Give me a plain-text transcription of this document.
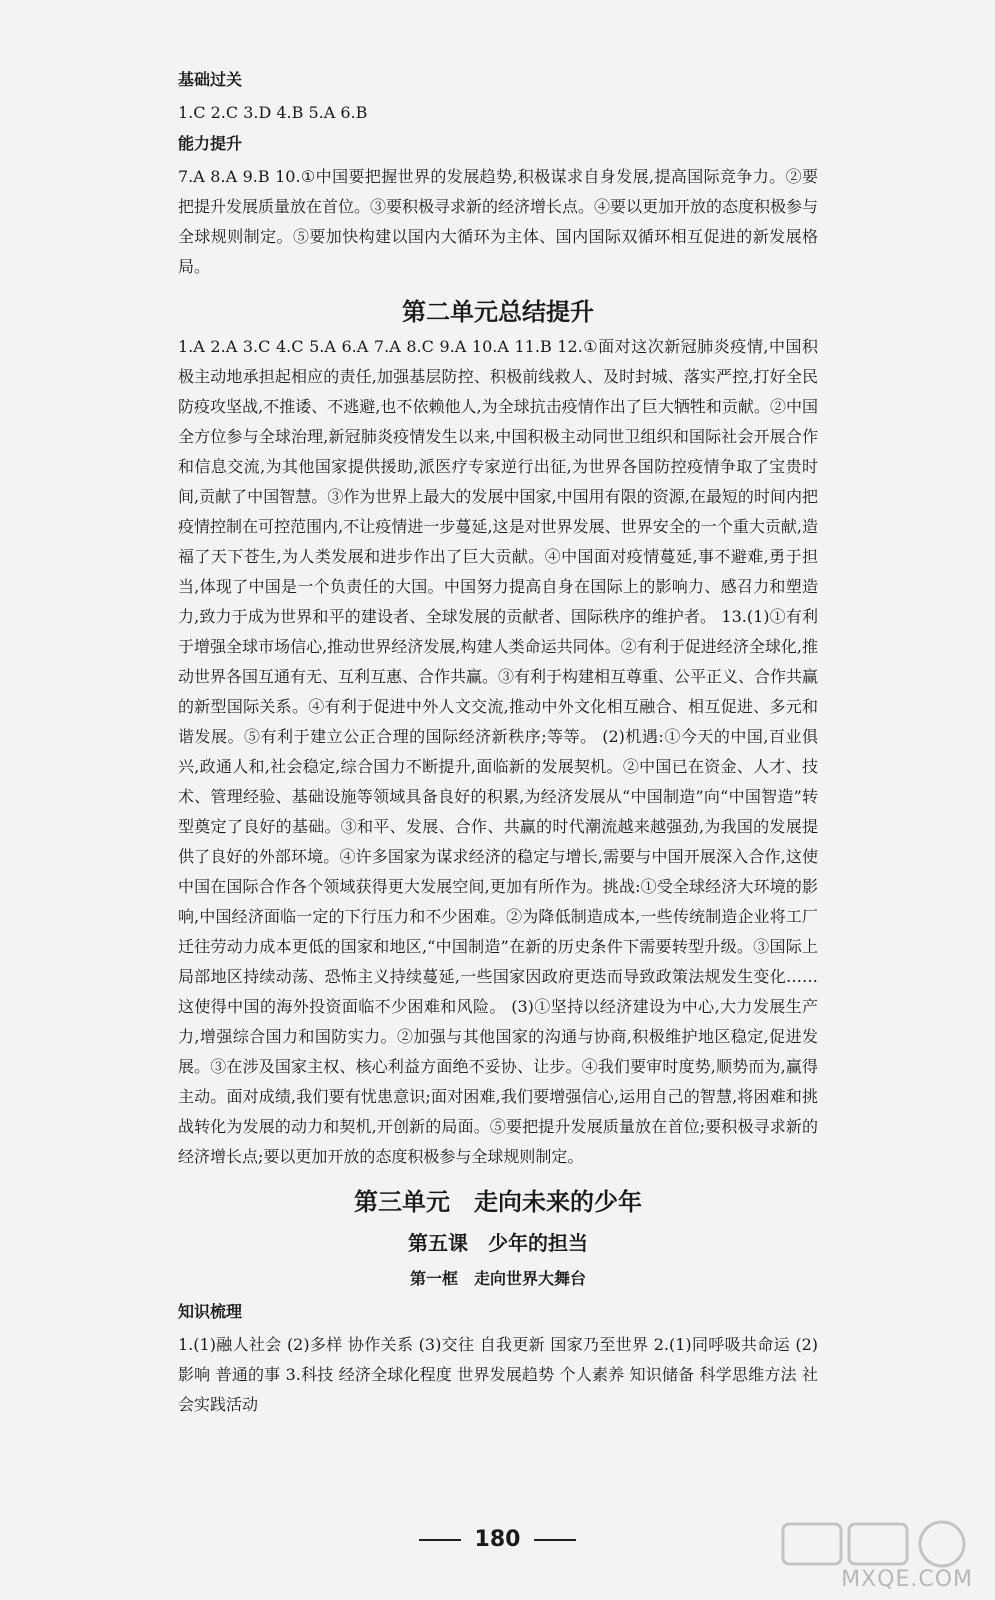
基础过关

1.C 2.C 3.D 4.B 5.A 6.B

能力提升

7.A 8.A 9.B 10.①中国要把握世界的发展趋势,积极谋求自身发展,提高国际竞争力。②要把提升发展质量放在首位。③要积极寻求新的经济增长点。④要以更加开放的态度积极参与全球规则制定。⑤要加快构建以国内大循环为主体、国内国际双循环相互促进的新发展格局。

第二单元总结提升

1.A 2.A 3.C 4.C 5.A 6.A 7.A 8.C 9.A 10.A 11.B 12.①面对这次新冠肺炎疫情,中国积极主动地承担起相应的责任,加强基层防控、积极前线救人、及时封城、落实严控,打好全民防疫攻坚战,不推诿、不逃避,也不依赖他人,为全球抗击疫情作出了巨大牺牲和贡献。②中国全方位参与全球治理,新冠肺炎疫情发生以来,中国积极主动同世卫组织和国际社会开展合作和信息交流,为其他国家提供援助,派医疗专家逆行出征,为世界各国防控疫情争取了宝贵时间,贡献了中国智慧。③作为世界上最大的发展中国家,中国用有限的资源,在最短的时间内把疫情控制在可控范围内,不让疫情进一步蔓延,这是对世界发展、世界安全的一个重大贡献,造福了天下苍生,为人类发展和进步作出了巨大贡献。④中国面对疫情蔓延,事不避难,勇于担当,体现了中国是一个负责任的大国。中国努力提高自身在国际上的影响力、感召力和塑造力,致力于成为世界和平的建设者、全球发展的贡献者、国际秩序的维护者。 13.(1)①有利于增强全球市场信心,推动世界经济发展,构建人类命运共同体。②有利于促进经济全球化,推动世界各国互通有无、互利互惠、合作共赢。③有利于构建相互尊重、公平正义、合作共赢的新型国际关系。④有利于促进中外人文交流,推动中外文化相互融合、相互促进、多元和谐发展。⑤有利于建立公正合理的国际经济新秩序;等等。 (2)机遇:①今天的中国,百业俱兴,政通人和,社会稳定,综合国力不断提升,面临新的发展契机。②中国已在资金、人才、技术、管理经验、基础设施等领域具备良好的积累,为经济发展从“中国制造”向“中国智造”转型奠定了良好的基础。③和平、发展、合作、共赢的时代潮流越来越强劲,为我国的发展提供了良好的外部环境。④许多国家为谋求经济的稳定与增长,需要与中国开展深入合作,这使中国在国际合作各个领域获得更大发展空间,更加有所作为。挑战:①受全球经济大环境的影响,中国经济面临一定的下行压力和不少困难。②为降低制造成本,一些传统制造企业将工厂迁往劳动力成本更低的国家和地区,“中国制造”在新的历史条件下需要转型升级。③国际上局部地区持续动荡、恐怖主义持续蔓延,一些国家因政府更迭而导致政策法规发生变化……这使得中国的海外投资面临不少困难和风险。 (3)①坚持以经济建设为中心,大力发展生产力,增强综合国力和国防实力。②加强与其他国家的沟通与协商,积极维护地区稳定,促进发展。③在涉及国家主权、核心利益方面绝不妥协、让步。④我们要审时度势,顺势而为,赢得主动。面对成绩,我们要有忧患意识;面对困难,我们要增强信心,运用自己的智慧,将困难和挑战转化为发展的动力和契机,开创新的局面。⑤要把提升发展质量放在首位;要积极寻求新的经济增长点;要以更加开放的态度积极参与全球规则制定。

第三单元　走向未来的少年
第五课　少年的担当
第一框　走向世界大舞台
知识梳理

1.(1)融人社会 (2)多样 协作关系 (3)交往 自我更新 国家乃至世界 2.(1)同呼吸共命运 (2)影响 普通的事 3.科技 经济全球化程度 世界发展趋势 个人素养 知识储备 科学思维方法 社会实践活动

180
MXQE.COM
